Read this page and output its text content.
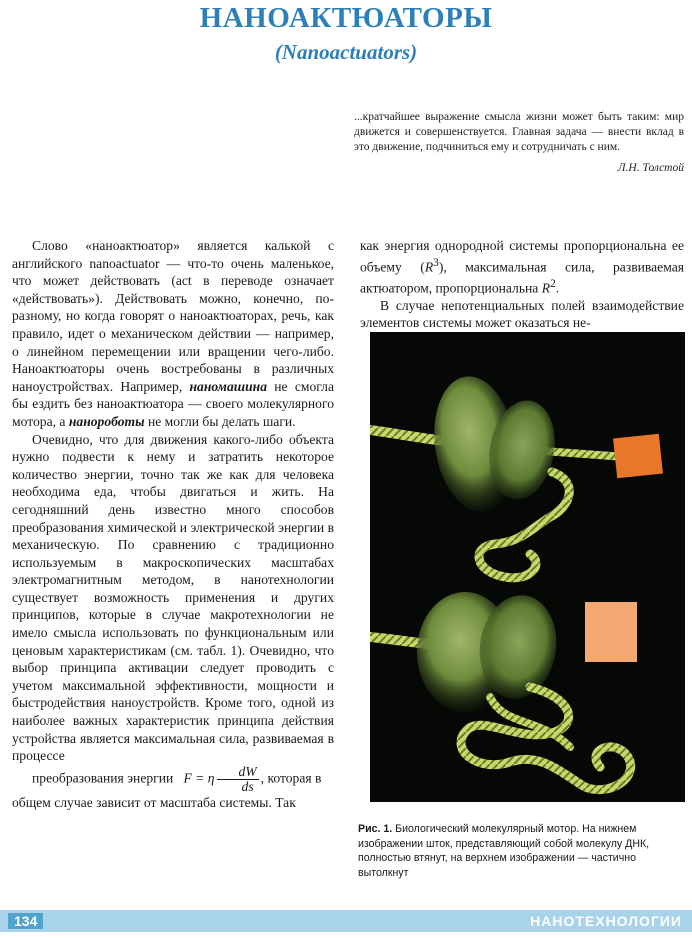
НАНОАКТЮАТОРЫ
(Nanoactuators)
...кратчайшее выражение смысла жизни может быть таким: мир движется и совершенствуется. Главная задача — внести вклад в это движение, подчиниться ему и сотрудничать с ним.
Л.Н. Толстой

Слово «наноактюатор» является калькой с английского nanoactuator — что-то очень маленькое, что может действовать (act в переводе означает «действовать»). Действовать можно, конечно, по-разному, но когда говорят о наноактюаторах, речь, как правило, идет о механическом действии — например, о линейном перемещении или вращении чего-либо. Наноактюаторы очень востребованы в различных наноустройствах. Например, наномашина не смогла бы ездить без наноактюатора — своего молекулярного мотора, а нанороботы не могли бы делать шаги.

Очевидно, что для движения какого-либо объекта нужно подвести к нему и затратить некоторое количество энергии, точно так же как для человека необходима еда, чтобы двигаться и жить. На сегодняшний день известно много способов преобразования химической и электрической энергии в механическую. По сравнению с традиционно используемым в макроскопических масштабах электромагнитным методом, в нанотехнологии существует возможность применения и других принципов, которые в случае макротехнологии не имело смысла использовать по функциональным или ценовым характеристикам (см. табл. 1). Очевидно, что выбор принципа активации следует проводить с учетом максимальной эффективности, мощности и быстродействия наноустройств. Кроме того, одной из наиболее важных характеристик принципа действия устройства является максимальная сила, развиваемая в процессе

преобразования энергии F = η $\frac{dW}{ds}$ , которая в

общем случае зависит от масштаба системы. Так

как энергия однородной системы пропорциональна ее объему $(R^3)$, максимальная сила, развиваемая актюатором, пропорциональна $R^2$.

В случае непотенциальных полей взаимодействие элементов системы может оказаться не-

Рис. 1. Биологический молекулярный мотор. На нижнем изображении шток, представляющий собой молекулу ДНК, полностью втянут, на верхнем изображении — частично вытолкнут
134	НАНОТЕХНОЛОГИИ
